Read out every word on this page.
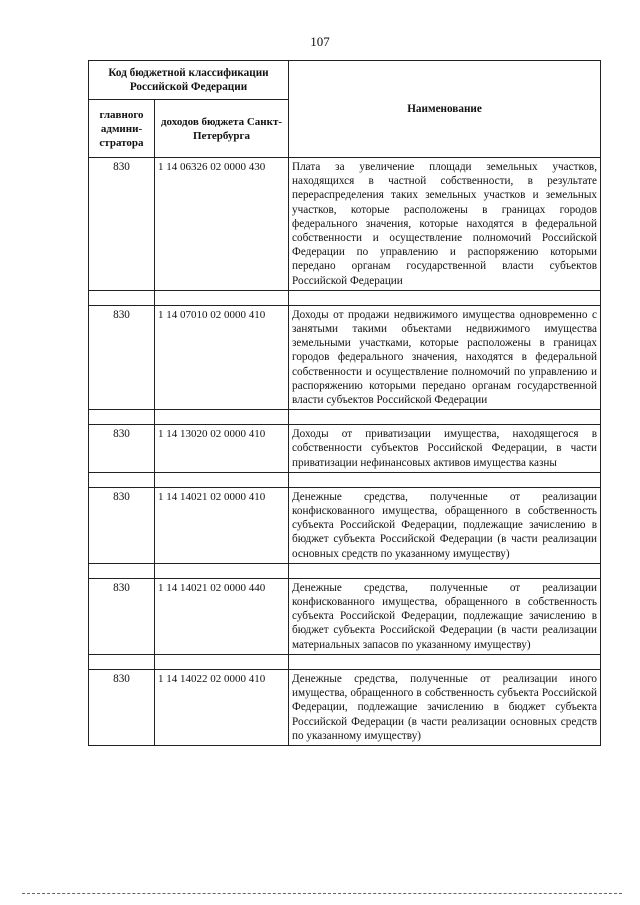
107
Код бюджетной классификации Российской Федерации		Наименование
главного админи-стратора	доходов бюджета Санкт-Петербурга	
830	1 14 06326 02 0000 430	Плата за увеличение площади земельных участков, находящихся в частной собственности, в результате перераспределения таких земельных участков и земельных участков, которые расположены в границах городов федерального значения, которые находятся в федеральной собственности и осуществление полномочий Российской Федерации по управлению и распоряжению которыми передано органам государственной власти субъектов Российской Федерации

830	1 14 07010 02 0000 410	Доходы от продажи недвижимого имущества одновременно с занятыми такими объектами недвижимого имущества земельными участками, которые расположены в границах городов федерального значения, находятся в федеральной собственности и осуществление полномочий по управлению и распоряжению которыми передано органам государственной власти субъектов Российской Федерации

830	1 14 13020 02 0000 410	Доходы от приватизации имущества, находящегося в собственности субъектов Российской Федерации, в части приватизации нефинансовых активов имущества казны

830	1 14 14021 02 0000 410	Денежные средства, полученные от реализации конфискованного имущества, обращенного в собственность субъекта Российской Федерации, подлежащие зачислению в бюджет субъекта Российской Федерации (в части реализации основных средств по указанному имуществу)

830	1 14 14021 02 0000 440	Денежные средства, полученные от реализации конфискованного имущества, обращенного в собственность субъекта Российской Федерации, подлежащие зачислению в бюджет субъекта Российской Федерации (в части реализации материальных запасов по указанному имуществу)

830	1 14 14022 02 0000 410	Денежные средства, полученные от реализации иного имущества, обращенного в собственность субъекта Российской Федерации, подлежащие зачислению в бюджет субъекта Российской Федерации (в части реализации основных средств по указанному имуществу)
